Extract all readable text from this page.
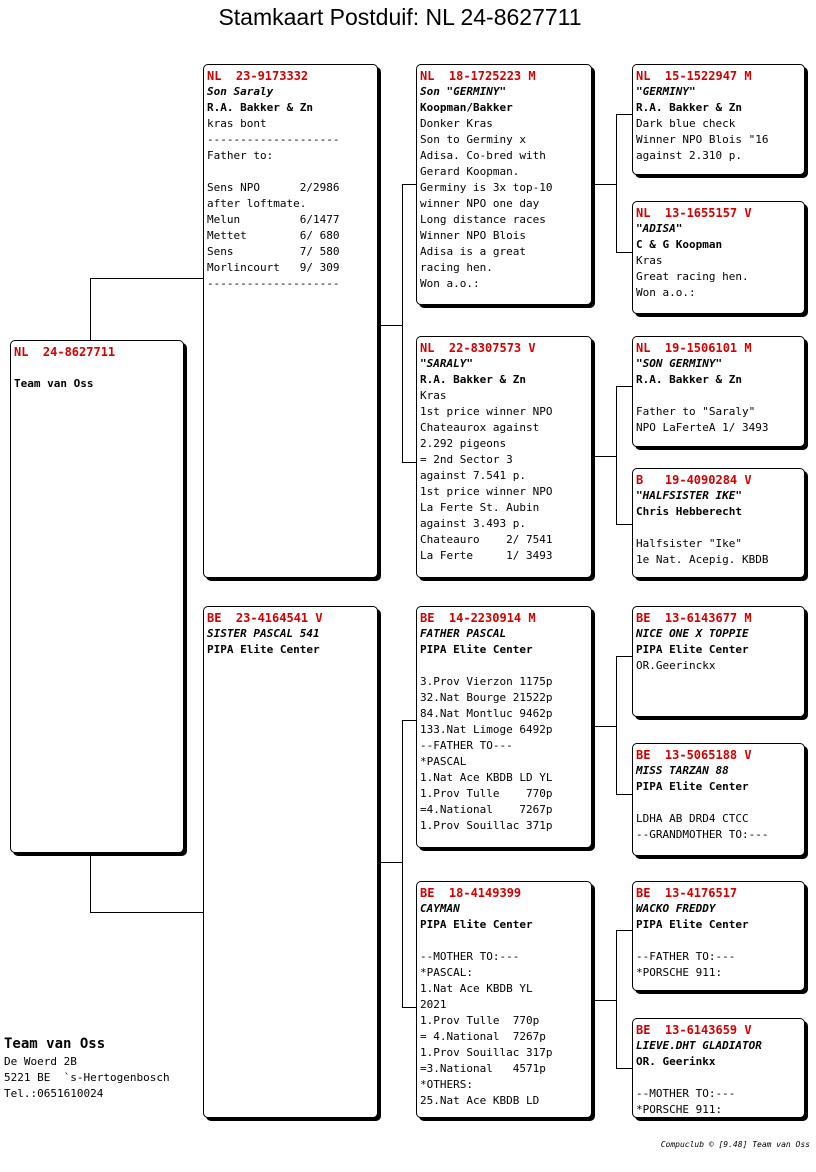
Stamkaart Postduif: NL 24-8627711
NL  24-8627711
Team van Oss
NL  23-9173332
Son Saraly
R.A. Bakker & Zn
kras bont
--------------------
Father to:
Sens NPO      2/2986
after loftmate.
Melun         6/1477
Mettet        6/ 680
Sens          7/ 580
Morlincourt   9/ 309
--------------------
BE  23-4164541 V
SISTER PASCAL 541
PIPA Elite Center
NL  18-1725223 M
Son "GERMINY"
Koopman/Bakker
Donker Kras
Son to Germiny x
Adisa. Co-bred with
Gerard Koopman.
Germiny is 3x top-10
winner NPO one day
Long distance races
Winner NPO Blois
Adisa is a great
racing hen.
Won a.o.:
NL  22-8307573 V
"SARALY"
R.A. Bakker & Zn
Kras
1st price winner NPO
Chateaurox against
2.292 pigeons
= 2nd Sector 3
against 7.541 p.
1st price winner NPO
La Ferte St. Aubin
against 3.493 p.
Chateauro    2/ 7541
La Ferte     1/ 3493
BE  14-2230914 M
FATHER PASCAL
PIPA Elite Center
3.Prov Vierzon 1175p
32.Nat Bourge 21522p
84.Nat Montluc 9462p
133.Nat Limoge 6492p
--FATHER TO---
*PASCAL
1.Nat Ace KBDB LD YL
1.Prov Tulle    770p
=4.National    7267p
1.Prov Souillac 371p
BE  18-4149399
CAYMAN
PIPA Elite Center
--MOTHER TO:---
*PASCAL:
1.Nat Ace KBDB YL
2021
1.Prov Tulle  770p
= 4.National  7267p
1.Prov Souillac 317p
=3.National   4571p
*OTHERS:
25.Nat Ace KBDB LD
NL  15-1522947 M
"GERMINY"
R.A. Bakker & Zn
Dark blue check
Winner NPO Blois "16
against 2.310 p.
NL  13-1655157 V
"ADISA"
C & G Koopman
Kras
Great racing hen.
Won a.o.:
NL  19-1506101 M
"SON GERMINY"
R.A. Bakker & Zn
Father to "Saraly"
NPO LaFerteA 1/ 3493
B   19-4090284 V
"HALFSISTER IKE"
Chris Hebberecht
Halfsister "Ike"
1e Nat. Acepig. KBDB
BE  13-6143677 M
NICE ONE X TOPPIE
PIPA Elite Center
OR.Geerinckx
BE  13-5065188 V
MISS TARZAN 88
PIPA Elite Center
LDHA AB DRD4 CTCC
--GRANDMOTHER TO:---
BE  13-4176517
WACKO FREDDY
PIPA Elite Center
--FATHER TO:---
*PORSCHE 911:
BE  13-6143659 V
LIEVE.DHT GLADIATOR
OR. Geerinkx
--MOTHER TO:---
*PORSCHE 911:
Team van Oss
De Woerd 2B
5221 BE  `s-Hertogenbosch
Tel.:0651610024
Compuclub © [9.48] Team van Oss
